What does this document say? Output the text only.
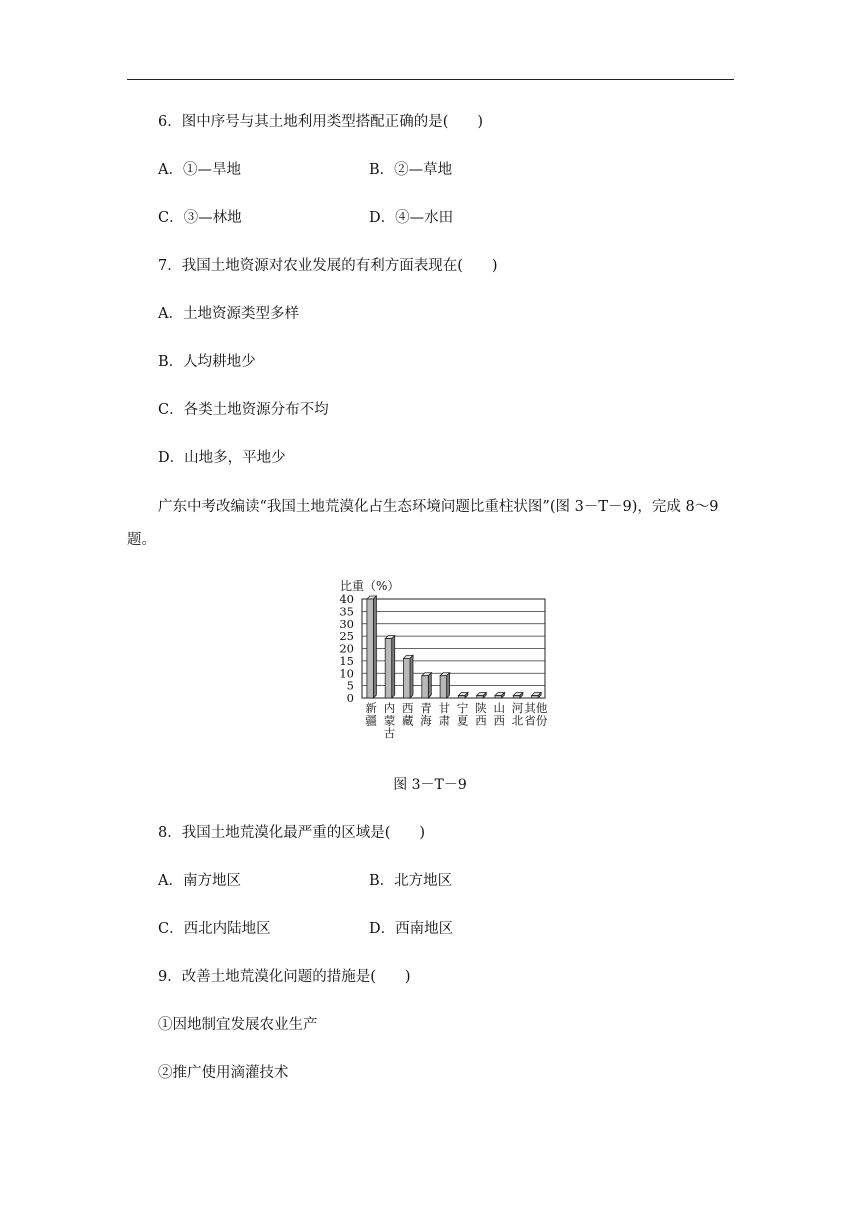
6．图中序号与其土地利用类型搭配正确的是(　　)
A．①—旱地	B．②—草地
C．③—林地	D．④—水田
7．我国土地资源对农业发展的有利方面表现在(　　)
A．土地资源类型多样
B．人均耕地少
C．各类土地资源分布不均
D．山地多，平地少
广东中考改编读“我国土地荒漠化占生态环境问题比重柱状图”(图 3－T－9)，完成 8～9
题。
0
5
10
15
20
25
30
35
40
新
疆
内
蒙
古
西
藏
青
海
甘
肃
宁
夏
陕
西
山
西
河
北
其他
省份
比重（%）
图 3－T－9
8．我国土地荒漠化最严重的区域是(　　)
A．南方地区	B．北方地区
C．西北内陆地区	D．西南地区
9．改善土地荒漠化问题的措施是(　　)
①因地制宜发展农业生产
②推广使用滴灌技术
